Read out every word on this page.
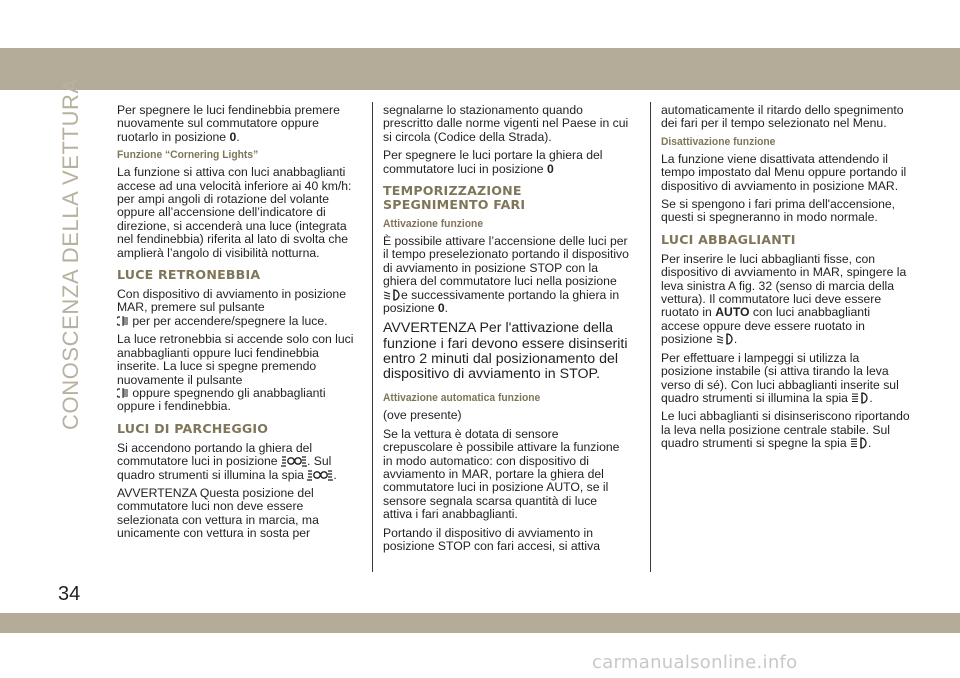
CONOSCENZA DELLA VETTURA	Per spegnere le luci fendinebbia premere nuovamente sul commutatore oppure ruotarlo in posizione 0.

Funzione “Cornering Lights”

La funzione si attiva con luci anabbaglianti accese ad una velocità inferiore ai 40 km/h: per ampi angoli di rotazione del volante oppure all’accensione dell’indicatore di direzione, si accenderà una luce (integrata nel fendinebbia) riferita al lato di svolta che amplierà l’angolo di visibilità notturna.

LUCE RETRONEBBIA

Con dispositivo di avviamento in posizione MAR, premere sul pulsante
per per accendere/spegnere la luce.

La luce retronebbia si accende solo con luci anabbaglianti oppure luci fendinebbia inserite. La luce si spegne premendo nuovamente il pulsante
oppure spegnendo gli anabbaglianti oppure i fendinebbia.

LUCI DI PARCHEGGIO

Si accendono portando la ghiera del commutatore luci in posizione . Sul quadro strumenti si illumina la spia .

AVVERTENZA Questa posizione del commutatore luci non deve essere selezionata con vettura in marcia, ma unicamente con vettura in sosta per

segnalarne lo stazionamento quando prescritto dalle norme vigenti nel Paese in cui si circola (Codice della Strada).

Per spegnere le luci portare la ghiera del commutatore luci in posizione 0

TEMPORIZZAZIONE SPEGNIMENTO FARI
Attivazione funzione

È possibile attivare l’accensione delle luci per il tempo preselezionato portando il dispositivo di avviamento in posizione STOP con la ghiera del commutatore luci nella posizione e successivamente portando la ghiera in posizione 0.

AVVERTENZA Per l'attivazione della funzione i fari devono essere disinseriti entro 2 minuti dal posizionamento del dispositivo di avviamento in STOP.

Attivazione automatica funzione

(ove presente)

Se la vettura è dotata di sensore crepuscolare è possibile attivare la funzione in modo automatico: con dispositivo di avviamento in MAR, portare la ghiera del commutatore luci in posizione AUTO, se il sensore segnala scarsa quantità di luce attiva i fari anabbaglianti.

Portando il dispositivo di avviamento in posizione STOP con fari accesi, si attiva

automaticamente il ritardo dello spegnimento dei fari per il tempo selezionato nel Menu.

Disattivazione funzione

La funzione viene disattivata attendendo il tempo impostato dal Menu oppure portando il dispositivo di avviamento in posizione MAR.

Se si spengono i fari prima dell'accensione, questi si spegneranno in modo normale.

LUCI ABBAGLIANTI

Per inserire le luci abbaglianti fisse, con dispositivo di avviamento in MAR, spingere la leva sinistra A fig. 32 (senso di marcia della vettura). Il commutatore luci deve essere ruotato in AUTO con luci anabbaglianti accese oppure deve essere ruotato in posizione .

Per effettuare i lampeggi si utilizza la posizione instabile (si attiva tirando la leva verso di sé). Con luci abbaglianti inserite sul quadro strumenti si illumina la spia .

Le luci abbaglianti si disinseriscono riportando la leva nella posizione centrale stabile. Sul quadro strumenti si spegne la spia .

34
carmanualsonline.info
